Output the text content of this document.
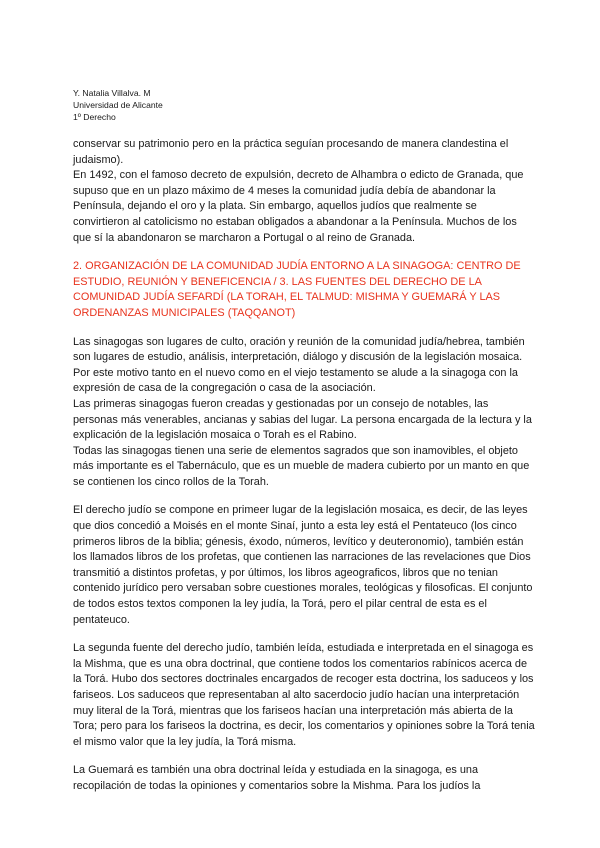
Y. Natalia Villalva. M
Universidad de Alicante
1º Derecho

conservar su patrimonio pero en la práctica seguían procesando de manera clandestina el judaismo).

En 1492, con el famoso decreto de expulsión, decreto de Alhambra o edicto de Granada, que supuso que en un plazo máximo de 4 meses la comunidad judía debía de abandonar la Península, dejando el oro y la plata. Sin embargo, aquellos judíos que realmente se convirtieron al catolicismo no estaban obligados a abandonar a la Península. Muchos de los que sí la abandonaron se marcharon a Portugal o al reino de Granada.

2. ORGANIZACIÓN DE LA COMUNIDAD JUDÍA ENTORNO A LA SINAGOGA: CENTRO DE ESTUDIO, REUNIÓN Y BENEFICENCIA / 3. LAS FUENTES DEL DERECHO DE LA COMUNIDAD JUDÍA SEFARDÍ (LA TORAH, EL TALMUD: MISHMA Y GUEMARÁ Y LAS ORDENANZAS MUNICIPALES (TAQQANOT)

Las sinagogas son lugares de culto, oración y reunión de la comunidad judía/hebrea, también son lugares de estudio, análisis, interpretación, diálogo y discusión de la legislación mosaica. Por este motivo tanto en el nuevo como en el viejo testamento se alude a la sinagoga con la expresión de casa de la congregación o casa de la asociación.

Las primeras sinagogas fueron creadas y gestionadas por un consejo de notables, las personas más venerables, ancianas y sabias del lugar. La persona encargada de la lectura y la explicación de la legislación mosaica o Torah es el Rabino.

Todas las sinagogas tienen una serie de elementos sagrados que son inamovibles, el objeto más importante es el Tabernáculo, que es un mueble de madera cubierto por un manto en que se contienen los cinco rollos de la Torah.

El derecho judío se compone en primeer lugar de la legislación mosaica, es decir, de las leyes que dios concedió a Moisés en el monte Sinaí, junto a esta ley está el Pentateuco (los cinco primeros libros de la biblia; génesis, éxodo, números, levítico y deuteronomio), también están los llamados libros de los profetas, que contienen las narraciones de las revelaciones que Dios transmitió a distintos profetas, y por últimos, los libros ageograficos, libros que no tenian contenido jurídico pero versaban sobre cuestiones morales, teológicas y filosoficas. El conjunto de todos estos textos componen la ley judía, la Torá, pero el pilar central de esta es el pentateuco.

La segunda fuente del derecho judío, también leída, estudiada e interpretada en el sinagoga es la Mishma, que es una obra doctrinal, que contiene todos los comentarios rabínicos acerca de la Torá. Hubo dos sectores doctrinales encargados de recoger esta doctrina, los saduceos y los fariseos. Los saduceos que representaban al alto sacerdocio judío hacían una interpretación muy literal de la Torá, mientras que los fariseos hacían una interpretación más abierta de la Tora; pero para los fariseos la doctrina, es decir, los comentarios y opiniones sobre la Torá tenia el mismo valor que la ley judía, la Torá misma.

La Guemará es también una obra doctrinal leída y estudiada en la sinagoga, es una recopilación de todas la opiniones y comentarios sobre la Mishma. Para los judíos la
